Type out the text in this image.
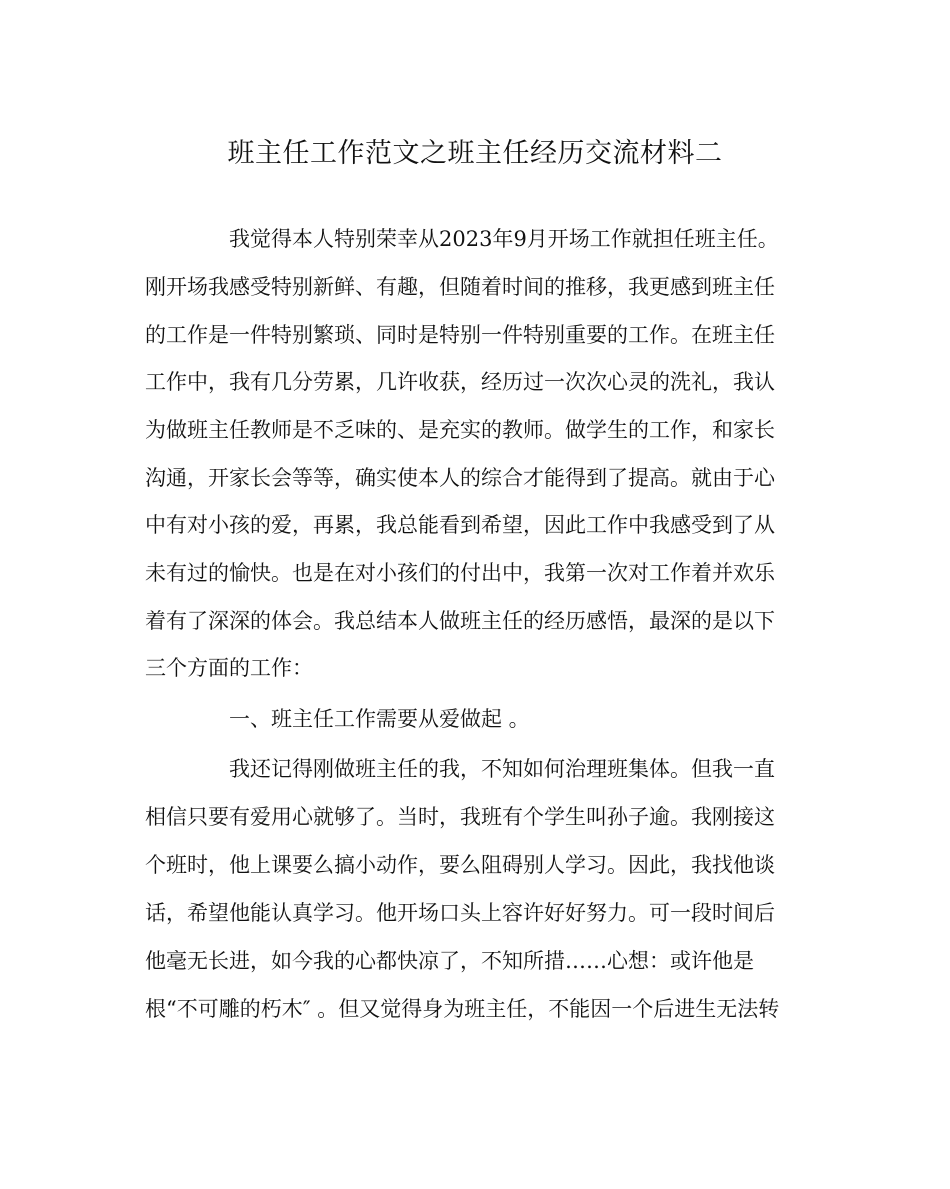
班主任工作范文之班主任经历交流材料二

我觉得本人特别荣幸从2023年9月开场工作就担任班主任。

刚开场我感受特别新鲜、有趣，但随着时间的推移，我更感到班主任

的工作是一件特别繁琐、同时是特别一件特别重要的工作。在班主任

工作中，我有几分劳累，几许收获，经历过一次次心灵的洗礼，我认

为做班主任教师是不乏味的、是充实的教师。做学生的工作，和家长

沟通，开家长会等等，确实使本人的综合才能得到了提高。就由于心

中有对小孩的爱，再累，我总能看到希望，因此工作中我感受到了从

未有过的愉快。也是在对小孩们的付出中，我第一次对工作着并欢乐

着有了深深的体会。我总结本人做班主任的经历感悟，最深的是以下

三个方面的工作：

一、班主任工作需要从爱做起 。

我还记得刚做班主任的我，不知如何治理班集体。但我一直

相信只要有爱用心就够了。当时，我班有个学生叫孙子逾。我刚接这

个班时，他上课要么搞小动作，要么阻碍别人学习。因此，我找他谈

话，希望他能认真学习。他开场口头上容许好好努力。可一段时间后

他毫无长进，如今我的心都快凉了，不知所措……心想：或许他是

根“不可雕的朽木″ 。但又觉得身为班主任，不能因一个后进生无法转
